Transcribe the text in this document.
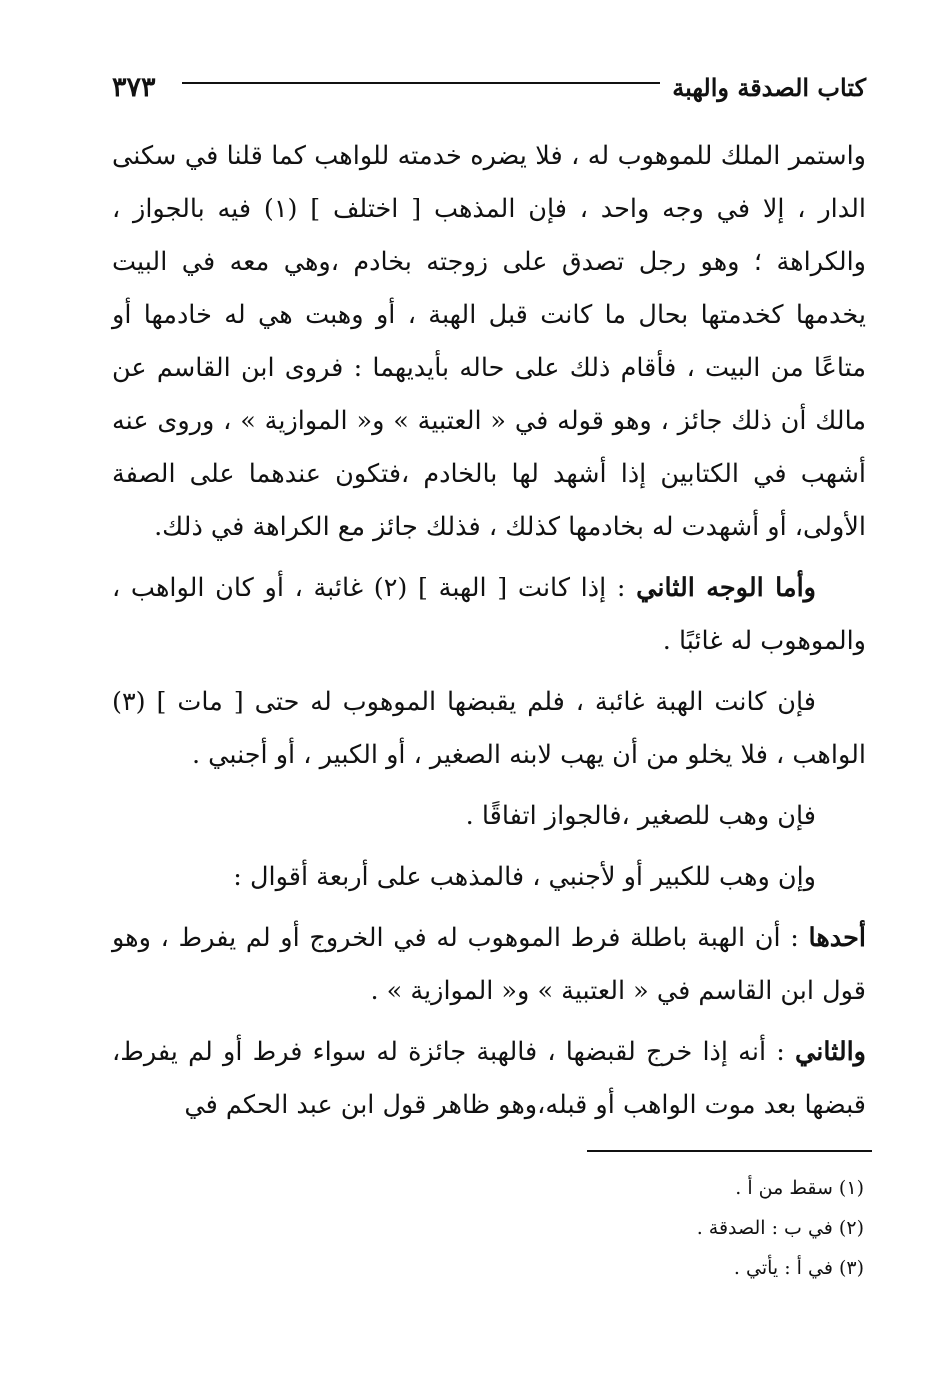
٣٧٣	كتاب الصدقة والهبة

واستمر الملك للموهوب له ، فلا يضره خدمته للواهب كما قلنا في سكنى الدار ، إلا في وجه واحد ، فإن المذهب [ اختلف ] (١) فيه بالجواز ، والكراهة ؛ وهو رجل تصدق على زوجته بخادم ،وهي معه في البيت يخدمها كخدمتها بحال ما كانت قبل الهبة ، أو وهبت هي له خادمها أو متاعًا من البيت ، فأقام ذلك على حاله بأيديهما : فروى ابن القاسم عن مالك أن ذلك جائز ، وهو قوله في « العتبية » و« الموازية » ، وروى عنه أشهب في الكتابين إذا أشهد لها بالخادم ،فتكون عندهما على الصفة الأولى، أو أشهدت له بخادمها كذلك ، فذلك جائز مع الكراهة في ذلك.

وأما الوجه الثاني : إذا كانت [ الهبة ] (٢) غائبة ، أو كان الواهب ، والموهوب له غائبًا .

فإن كانت الهبة غائبة ، فلم يقبضها الموهوب له حتى [ مات ] (٣) الواهب ، فلا يخلو من أن يهب لابنه الصغير ، أو الكبير ، أو أجنبي .

فإن وهب للصغير ،فالجواز اتفاقًا .

وإن وهب للكبير أو لأجنبي ، فالمذهب على أربعة أقوال :

أحدها : أن الهبة باطلة فرط الموهوب له في الخروج أو لم يفرط ، وهو قول ابن القاسم في « العتبية » و« الموازية » .

والثاني : أنه إذا خرج لقبضها ، فالهبة جائزة له سواء فرط أو لم يفرط، قبضها بعد موت الواهب أو قبله،وهو ظاهر قول ابن عبد الحكم في

(١) سقط من أ .

(٢) في ب : الصدقة .

(٣) في أ : يأتي .
